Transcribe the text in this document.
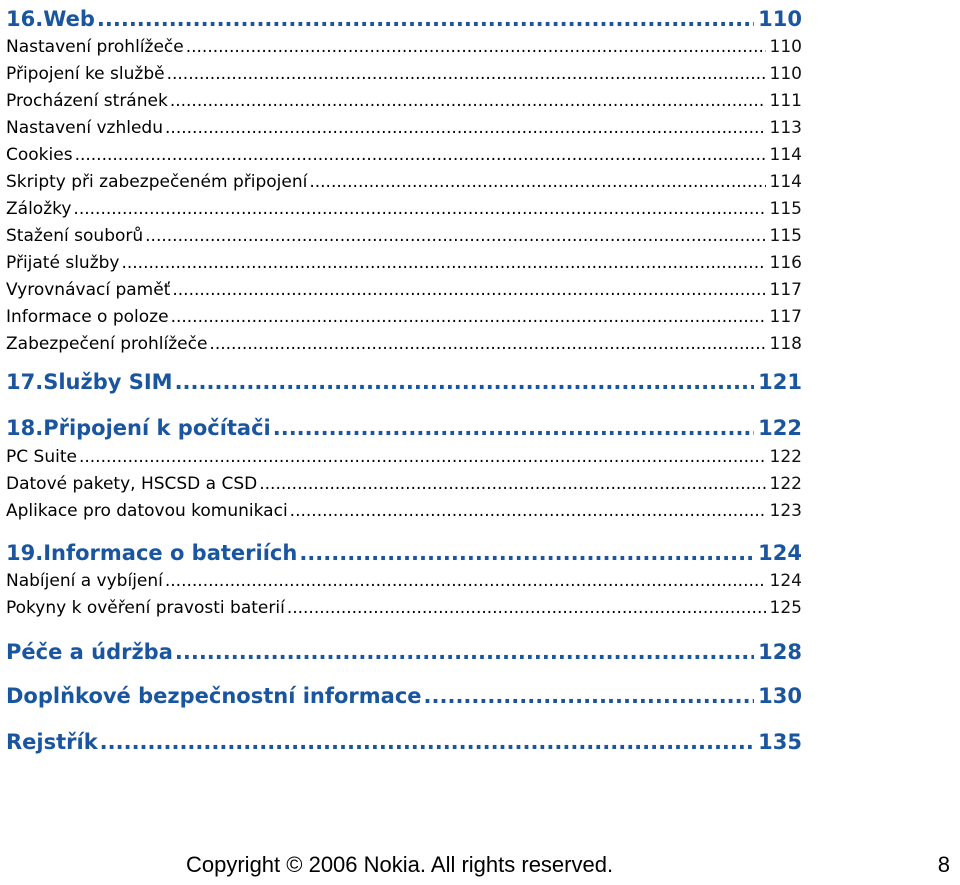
16.Web .....	110
Nastavení prohlížeče .....	110
Připojení ke službě .....	110
Procházení stránek .....	111
Nastavení vzhledu .....	113
Cookies .....	114
Skripty při zabezpečeném připojení .....	114
Záložky .....	115
Stažení souborů .....	115
Přijaté služby .....	116
Vyrovnávací paměť .....	117
Informace o poloze .....	117
Zabezpečení prohlížeče .....	118
17.Služby SIM .....	121
18.Připojení k počítači .....	122
PC Suite .....	122
Datové pakety, HSCSD a CSD .....	122
Aplikace pro datovou komunikaci .....	123
19.Informace o bateriích .....	124
Nabíjení a vybíjení .....	124
Pokyny k ověření pravosti baterií .....	125
Péče a údržba .....	128
Doplňkové bezpečnostní informace .....	130
Rejstřík .....	135
Copyright © 2006 Nokia. All rights reserved.	8
